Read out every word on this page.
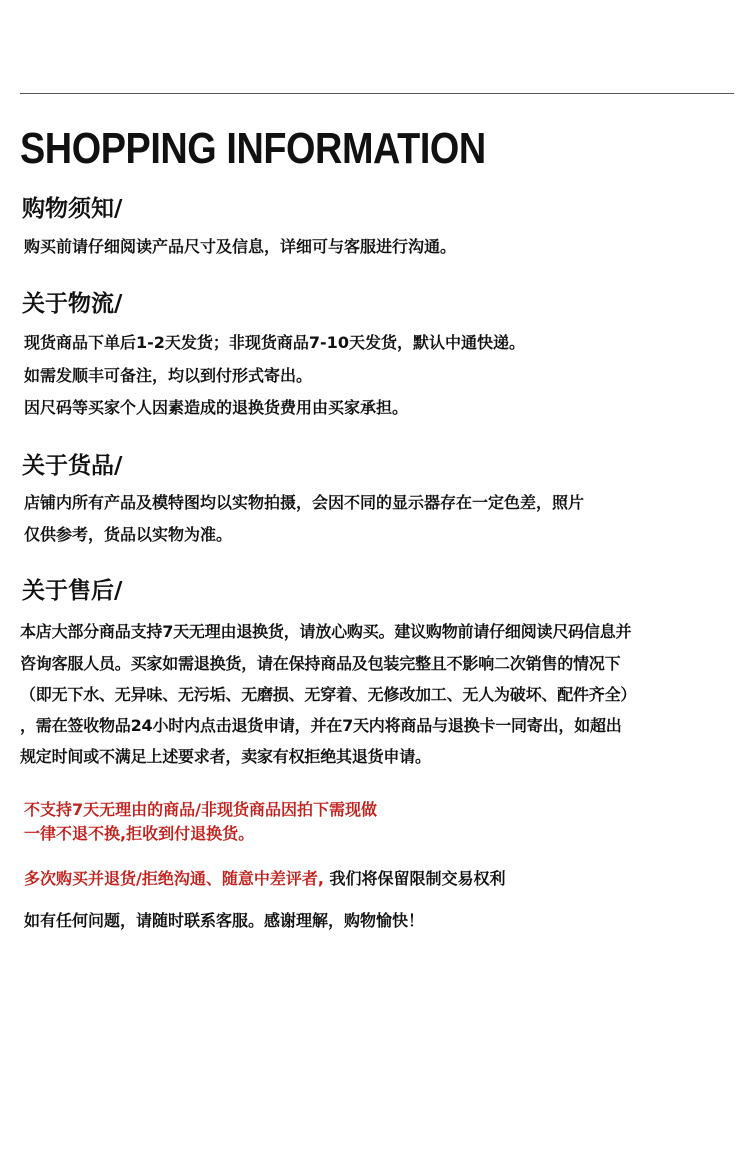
SHOPPING INFORMATION
购物须知/

购买前请仔细阅读产品尺寸及信息，详细可与客服进行沟通。

关于物流/

现货商品下单后1-2天发货；非现货商品7-10天发货，默认中通快递。

如需发顺丰可备注，均以到付形式寄出。

因尺码等买家个人因素造成的退换货费用由买家承担。

关于货品/

店铺内所有产品及模特图均以实物拍摄，会因不同的显示器存在一定色差，照片

仅供参考，货品以实物为准。

关于售后/

本店大部分商品支持7天无理由退换货，请放心购买。建议购物前请仔细阅读尺码信息并

咨询客服人员。买家如需退换货，请在保持商品及包装完整且不影响二次销售的情况下

（即无下水、无异味、无污垢、无磨损、无穿着、无修改加工、无人为破坏、配件齐全）

，需在签收物品24小时内点击退货申请，并在7天内将商品与退换卡一同寄出，如超出

规定时间或不满足上述要求者，卖家有权拒绝其退货申请。

不支持7天无理由的商品/非现货商品因拍下需现做

一律不退不换,拒收到付退换货。

多次购买并退货/拒绝沟通、随意中差评者, 我们将保留限制交易权利

如有任何问题，请随时联系客服。感谢理解，购物愉快！
